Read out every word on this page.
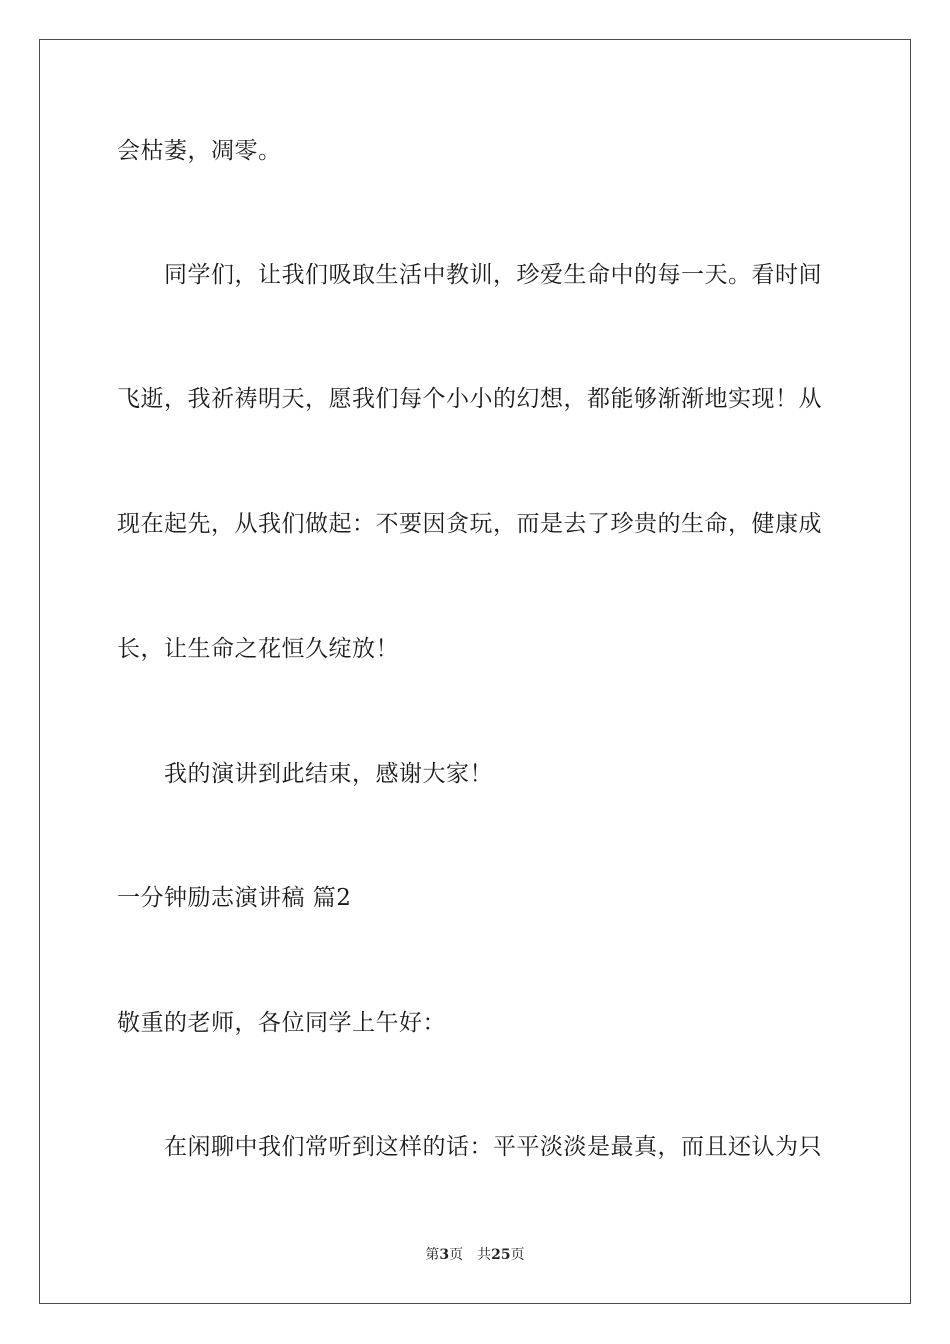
会枯萎，凋零。
同学们，让我们吸取生活中教训，珍爱生命中的每一天。看时间
飞逝，我祈祷明天，愿我们每个小小的幻想，都能够渐渐地实现！从
现在起先，从我们做起：不要因贪玩，而是去了珍贵的生命，健康成
长，让生命之花恒久绽放！
我的演讲到此结束，感谢大家！
一分钟励志演讲稿 篇2
敬重的老师，各位同学上午好：
在闲聊中我们常听到这样的话：平平淡淡是最真，而且还认为只
第3页 共25页
